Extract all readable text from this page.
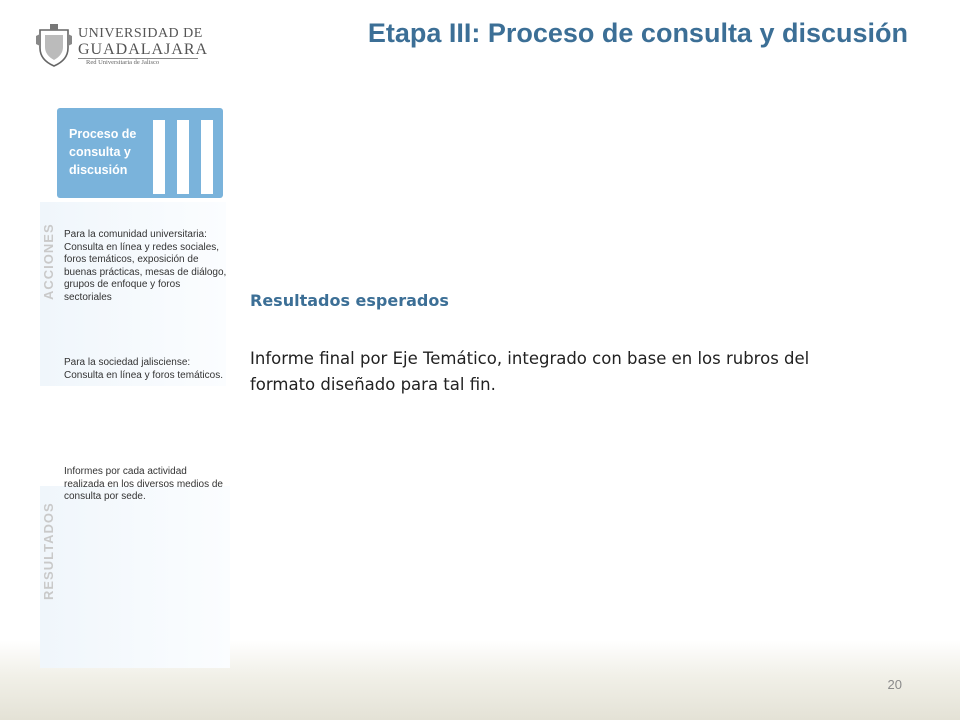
UNIVERSIDAD DE
GUADALAJARA
Red Universitaria de Jalisco
Etapa III: Proceso de consulta y discusión
Proceso de consulta y discusión
ACCIONES
RESULTADOS
Para la comunidad universitaria: Consulta en línea y redes sociales, foros temáticos, exposición de buenas prácticas, mesas de diálogo, grupos de enfoque y foros sectoriales
Para la sociedad jalisciense: Consulta en línea y foros temáticos.
Informes por cada actividad realizada en los diversos medios de consulta por sede.
Resultados esperados
Informe final por Eje Temático, integrado con base en los rubros del formato diseñado para tal fin.
20
